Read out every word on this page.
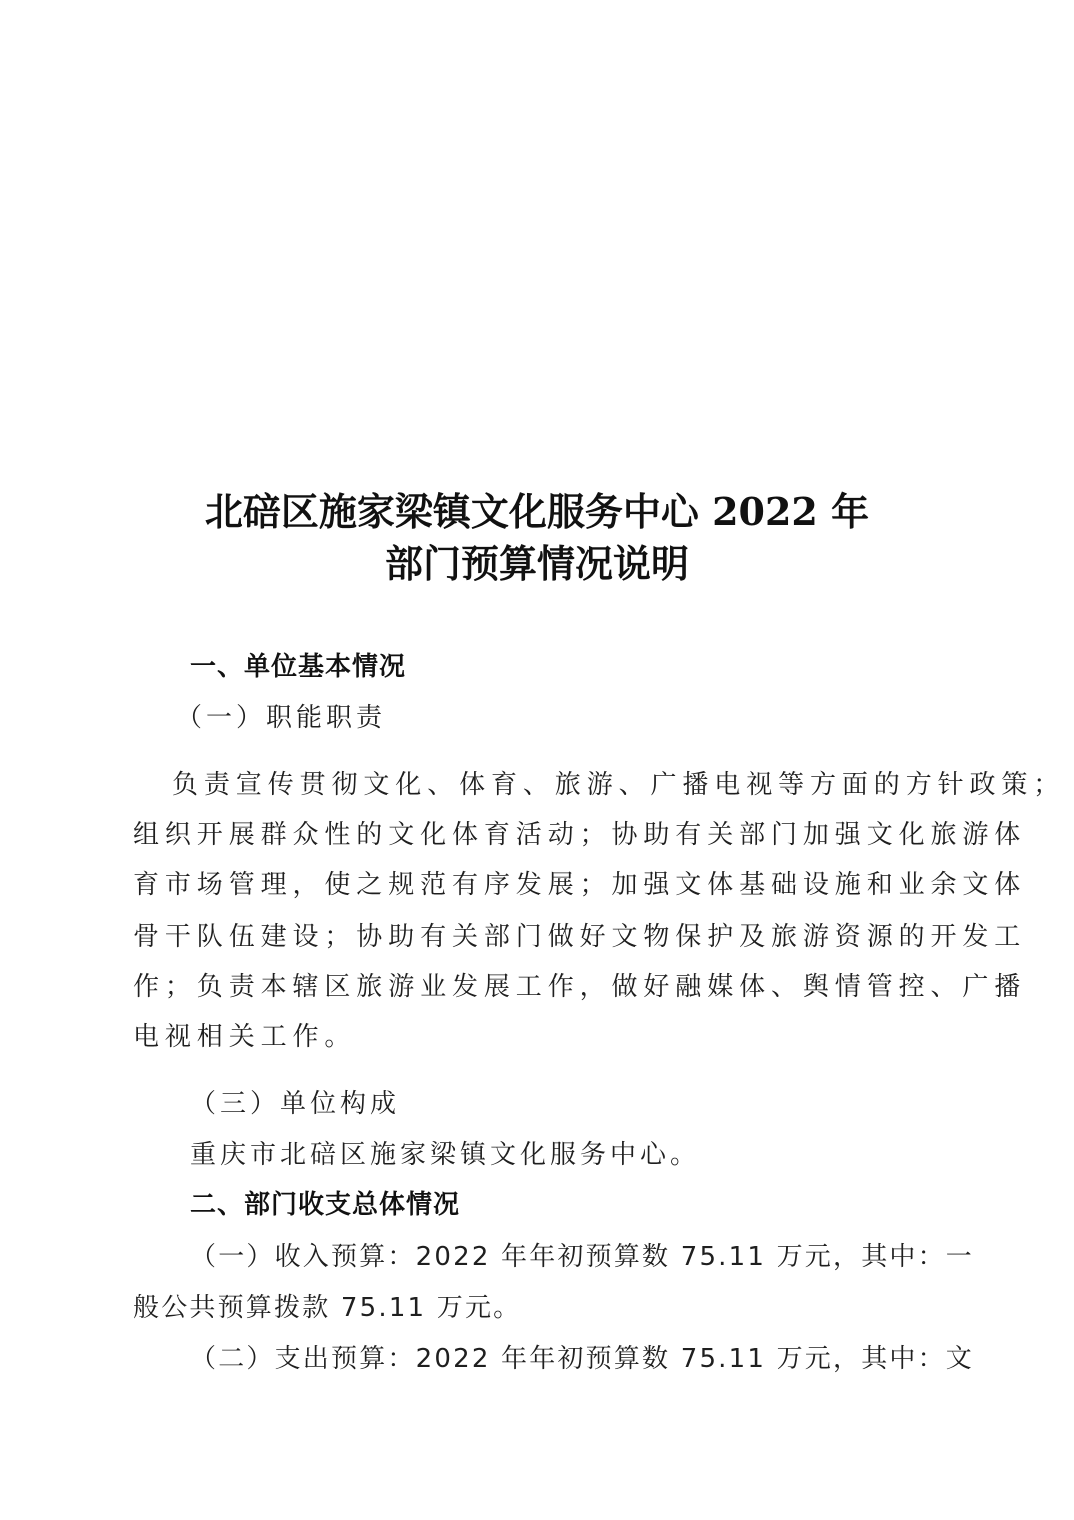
北碚区施家梁镇文化服务中心 2022 年
部门预算情况说明

一、单位基本情况

（一）职能职责

负责宣传贯彻文化、体育、旅游、广播电视等方面的方针政策；

组织开展群众性的文化体育活动；协助有关部门加强文化旅游体

育市场管理，使之规范有序发展；加强文体基础设施和业余文体

骨干队伍建设；协助有关部门做好文物保护及旅游资源的开发工

作；负责本辖区旅游业发展工作，做好融媒体、舆情管控、广播

电视相关工作。

（三）单位构成

重庆市北碚区施家梁镇文化服务中心。

二、部门收支总体情况

（一）收入预算：2022 年年初预算数 75.11 万元，其中：一

般公共预算拨款 75.11 万元。

（二）支出预算：2022 年年初预算数 75.11 万元，其中：文
